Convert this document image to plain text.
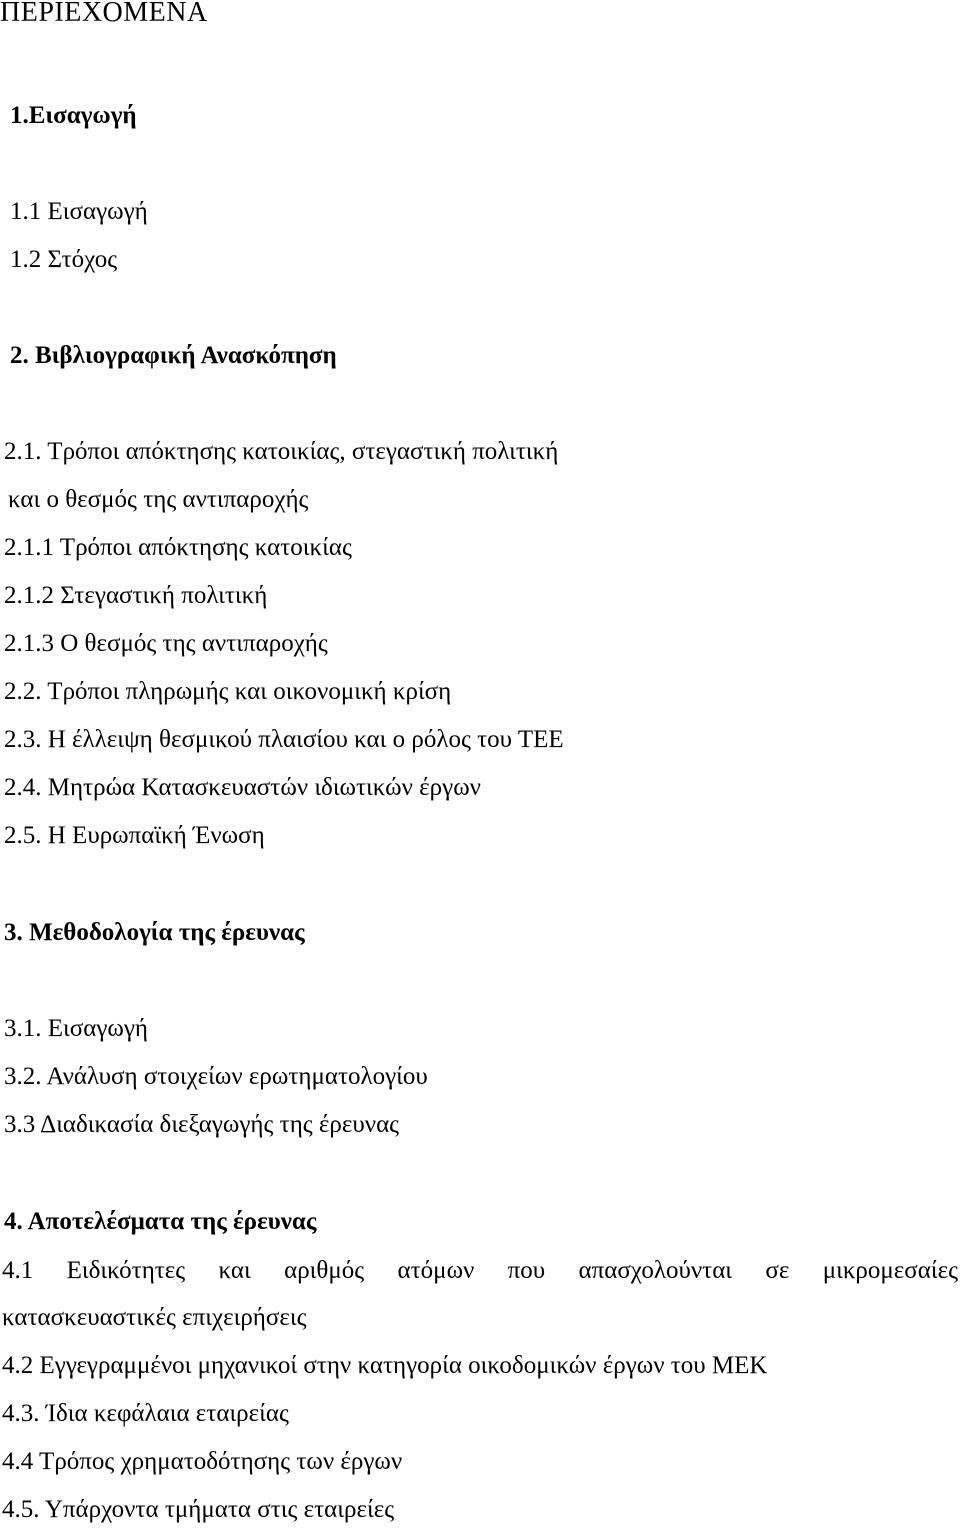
ΠΕΡΙΕΧΟΜΕΝΑ
1.Εισαγωγή
1.1 Εισαγωγή
1.2 Στόχος
2. Βιβλιογραφική Ανασκόπηση
2.1. Τρόποι απόκτησης κατοικίας, στεγαστική πολιτική
και ο θεσμός της αντιπαροχής
2.1.1 Τρόποι απόκτησης κατοικίας
2.1.2 Στεγαστική πολιτική
2.1.3 Ο θεσμός της αντιπαροχής
2.2. Τρόποι πληρωμής και οικονομική κρίση
2.3. Η έλλειψη θεσμικού πλαισίου και ο ρόλος του ΤΕΕ
2.4. Μητρώα Κατασκευαστών ιδιωτικών έργων
2.5. Η Ευρωπαϊκή Ένωση
3. Μεθοδολογία της έρευνας
3.1. Εισαγωγή
3.2. Ανάλυση στοιχείων ερωτηματολογίου
3.3 Διαδικασία διεξαγωγής της έρευνας
4. Αποτελέσματα της έρευνας
4.1 Ειδικότητες και αριθμός ατόμων που απασχολούνται σε μικρομεσαίες
κατασκευαστικές επιχειρήσεις
4.2 Εγγεγραμμένοι μηχανικοί στην κατηγορία οικοδομικών έργων του ΜΕΚ
4.3. Ίδια κεφάλαια εταιρείας
4.4 Τρόπος χρηματοδότησης των έργων
4.5. Υπάρχοντα τμήματα στις εταιρείες
